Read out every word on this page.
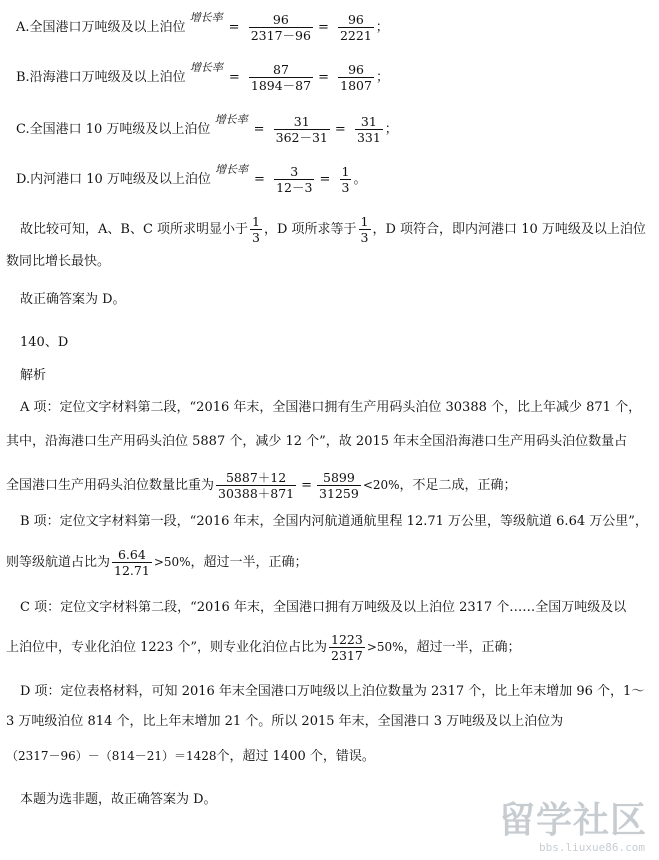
A.全国港口万吨级及以上泊位 $^{增长率}= \frac{96}{2317-96} = \frac{96}{2221}$ ；
B.沿海港口万吨级及以上泊位 $^{增长率}= \frac{87}{1894-87} = \frac{96}{1807}$ ；
C.全国港口 10 万吨级及以上泊位 $^{增长率}= \frac{31}{362-31} = \frac{31}{331}$ ；
D.内河港口 10 万吨级及以上泊位 $^{增长率}= \frac{3}{12-3} = \frac{1}{3}$ 。
故比较可知，A、B、C 项所求明显小于 $\frac{1}{3}$ ，D 项所求等于 $\frac{1}{3}$ ，D 项符合，即内河港口 10 万吨级及以上泊位
数同比增长最快。
故正确答案为 D。
140、D
解析
A 项：定位文字材料第二段，“2016 年末，全国港口拥有生产用码头泊位 30388 个，比上年减少 871 个，
其中，沿海港口生产用码头泊位 5887 个，减少 12 个”，故 2015 年末全国沿海港口生产用码头泊位数量占
全国港口生产用码头泊位数量比重为 $\frac{5887+12}{30388+871} = \frac{5899}{31259} <20\%$，不足二成，正确；
B 项：定位文字材料第一段，“2016 年末，全国内河航道通航里程 12.71 万公里，等级航道 6.64 万公里”，
则等级航道占比为 $\frac{6.64}{12.71} >50\%$，超过一半，正确；
C 项：定位文字材料第二段，“2016 年末，全国港口拥有万吨级及以上泊位 2317 个……全国万吨级及以
上泊位中，专业化泊位 1223 个”，则专业化泊位占比为 $\frac{1223}{2317} >50\%$，超过一半，正确；
D 项：定位表格材料，可知 2016 年末全国港口万吨级以上泊位数量为 2317 个，比上年末增加 96 个，1～
3 万吨级泊位 814 个，比上年末增加 21 个。所以 2015 年末，全国港口 3 万吨级及以上泊位为
（2317－96）－（814－21）＝1428个，超过 1400 个，错误。
本题为选非题，故正确答案为 D。
留学社区
bbs.liuxue86.com
